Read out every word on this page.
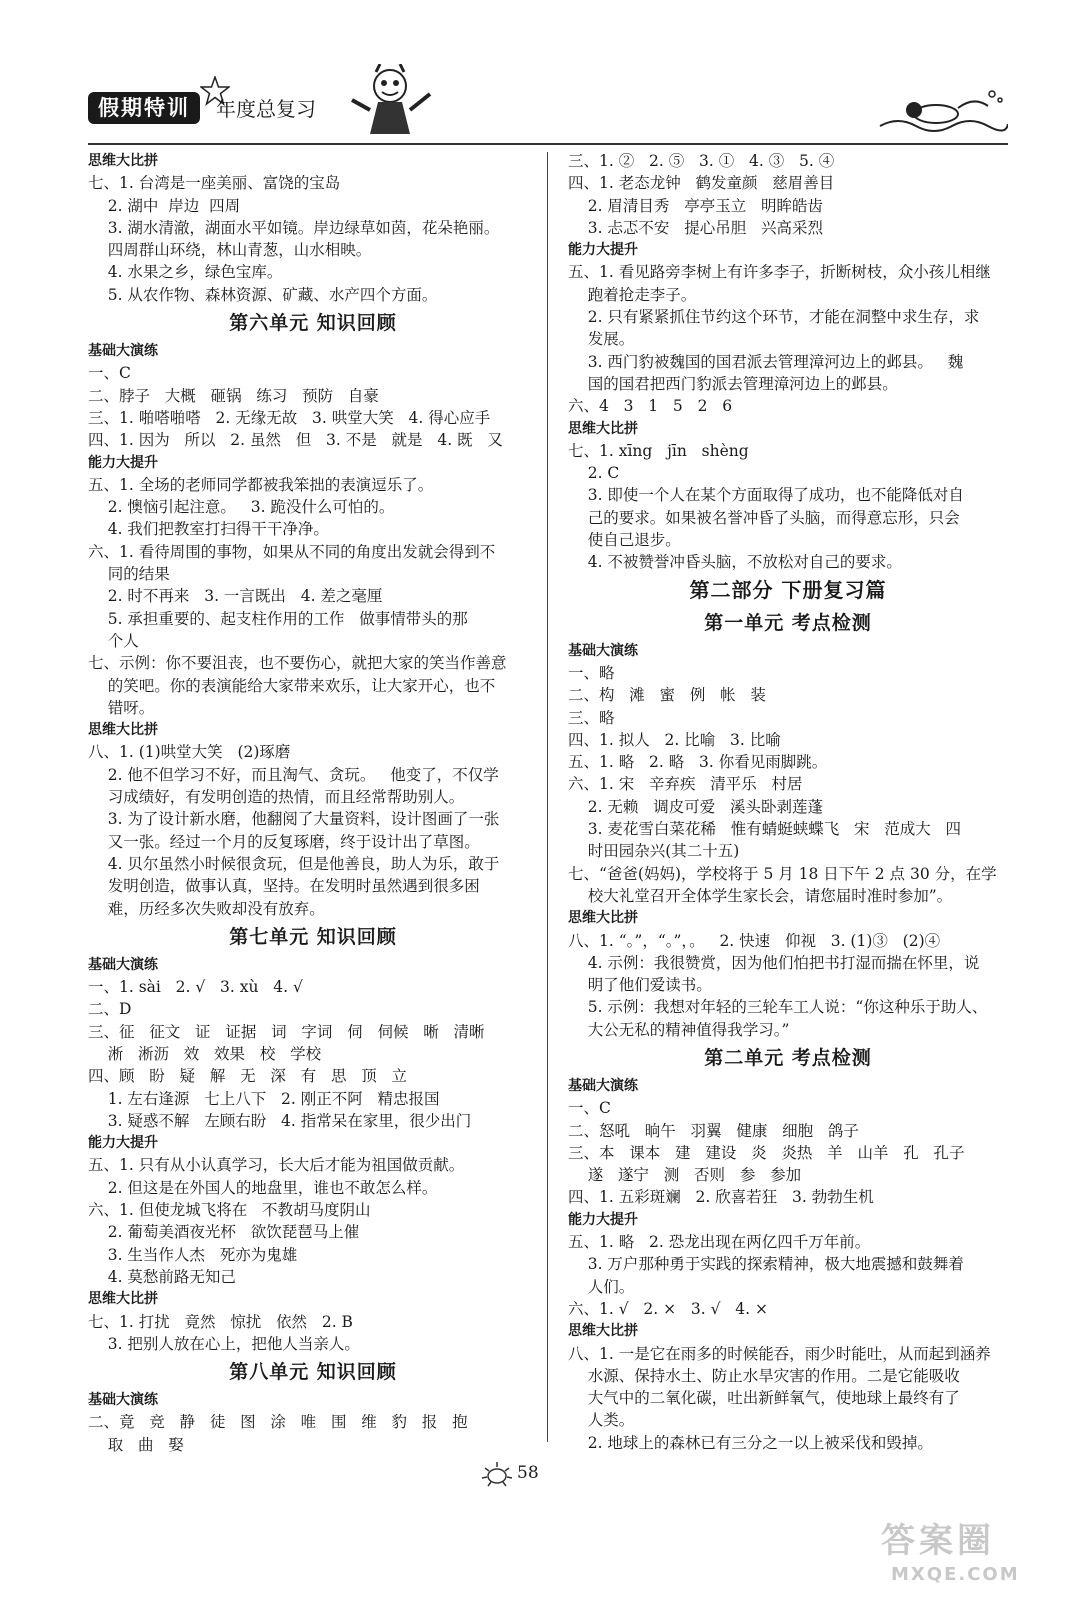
假期特训	年度总复习
思维大比拼
七、1. 台湾是一座美丽、富饶的宝岛
2. 湖中  岸边  四周
3. 湖水清澈，湖面水平如镜。岸边绿草如茵，花朵艳丽。
四周群山环绕，林山青葱，山水相映。
4. 水果之乡，绿色宝库。
5. 从农作物、森林资源、矿藏、水产四个方面。
第六单元 知识回顾
基础大演练
一、C
二、脖子   大概   砸锅   练习   预防   自豪
三、1. 啪嗒啪嗒   2. 无缘无故   3. 哄堂大笑   4. 得心应手
四、1. 因为   所以   2. 虽然   但   3. 不是   就是   4. 既   又
能力大提升
五、1. 全场的老师同学都被我笨拙的表演逗乐了。
2. 懊恼引起注意。   3. 跪没什么可怕的。
4. 我们把教室打扫得干干净净。
六、1. 看待周围的事物，如果从不同的角度出发就会得到不
同的结果
2. 时不再来   3. 一言既出   4. 差之毫厘
5. 承担重要的、起支柱作用的工作   做事情带头的那
个人
七、示例：你不要沮丧，也不要伤心，就把大家的笑当作善意
的笑吧。你的表演能给大家带来欢乐，让大家开心，也不
错呀。
思维大比拼
八、1. (1)哄堂大笑   (2)琢磨
2. 他不但学习不好，而且淘气、贪玩。   他变了，不仅学
习成绩好，有发明创造的热情，而且经常帮助别人。
3. 为了设计新水磨，他翻阅了大量资料，设计图画了一张
又一张。经过一个月的反复琢磨，终于设计出了草图。
4. 贝尔虽然小时候很贪玩，但是他善良，助人为乐，敢于
发明创造，做事认真，坚持。在发明时虽然遇到很多困
难，历经多次失败却没有放弃。
第七单元 知识回顾
基础大演练
一、1. sài   2. √   3. xù   4. √
二、D
三、征   征文   证   证据   词   字词   伺   伺候   晰   清晰
淅   淅沥   效   效果   校   学校
四、顾   盼   疑   解   无   深   有   思   顶   立
1. 左右逢源   七上八下   2. 刚正不阿   精忠报国
3. 疑惑不解   左顾右盼   4. 指常呆在家里，很少出门
能力大提升
五、1. 只有从小认真学习，长大后才能为祖国做贡献。
2. 但这是在外国人的地盘里，谁也不敢怎么样。
六、1. 但使龙城飞将在   不教胡马度阴山
2. 葡萄美酒夜光杯   欲饮琵琶马上催
3. 生当作人杰   死亦为鬼雄
4. 莫愁前路无知己
思维大比拼
七、1. 打扰   竟然   惊扰   依然   2. B
3. 把别人放在心上，把他人当亲人。
第八单元 知识回顾
基础大演练
二、竟   竞   静   徒   图   涂   唯   围   维   豹   报   抱
取   曲   娶
三、1. ②   2. ⑤   3. ①   4. ③   5. ④
四、1. 老态龙钟   鹤发童颜   慈眉善目
2. 眉清目秀   亭亭玉立   明眸皓齿
3. 忐忑不安   提心吊胆   兴高采烈
能力大提升
五、1. 看见路旁李树上有许多李子，折断树枝，众小孩儿相继
跑着抢走李子。
2. 只有紧紧抓住节约这个环节，才能在洞整中求生存，求
发展。
3. 西门豹被魏国的国君派去管理漳河边上的邺县。   魏
国的国君把西门豹派去管理漳河边上的邺县。
六、4   3   1   5   2   6
思维大比拼
七、1. xīng   jīn   shèng
2. C
3. 即使一个人在某个方面取得了成功，也不能降低对自
己的要求。如果被名誉冲昏了头脑，而得意忘形，只会
使自己退步。
4. 不被赞誉冲昏头脑，不放松对自己的要求。
第二部分 下册复习篇
第一单元 考点检测
基础大演练
一、略
二、构   滩   蜜   例   帐   装
三、略
四、1. 拟人   2. 比喻   3. 比喻
五、1. 略   2. 略   3. 你看见雨脚跳。
六、1. 宋   辛弃疾   清平乐   村居
2. 无赖   调皮可爱   溪头卧剥莲蓬
3. 麦花雪白菜花稀   惟有蜻蜓蛱蝶飞   宋   范成大   四
时田园杂兴(其二十五)
七、“爸爸(妈妈)，学校将于 5 月 18 日下午 2 点 30 分，在学
校大礼堂召开全体学生家长会，请您届时准时参加”。
思维大比拼
八、1. “。”，“。”，。   2. 快速   仰视   3. (1)③   (2)④
4. 示例：我很赞赏，因为他们怕把书打湿而揣在怀里，说
明了他们爱读书。
5. 示例：我想对年轻的三轮车工人说：“你这种乐于助人、
大公无私的精神值得我学习。”
第二单元 考点检测
基础大演练
一、C
二、怒吼   晌午   羽翼   健康   细胞   鸽子
三、本   课本   建   建设   炎   炎热   羊   山羊   孔   孔子
遂   遂宁   测   否则   参   参加
四、1. 五彩斑斓   2. 欣喜若狂   3. 勃勃生机
能力大提升
五、1. 略   2. 恐龙出现在两亿四千万年前。
3. 万户那种勇于实践的探索精神，极大地震撼和鼓舞着
人们。
六、1. √   2. ×   3. √   4. ×
思维大比拼
八、1. 一是它在雨多的时候能吞，雨少时能吐，从而起到涵养
水源、保持水土、防止水旱灾害的作用。二是它能吸收
大气中的二氧化碳，吐出新鲜氧气，使地球上最终有了
人类。
2. 地球上的森林已有三分之一以上被采伐和毁掉。
58
答案圈
MXQE.COM
